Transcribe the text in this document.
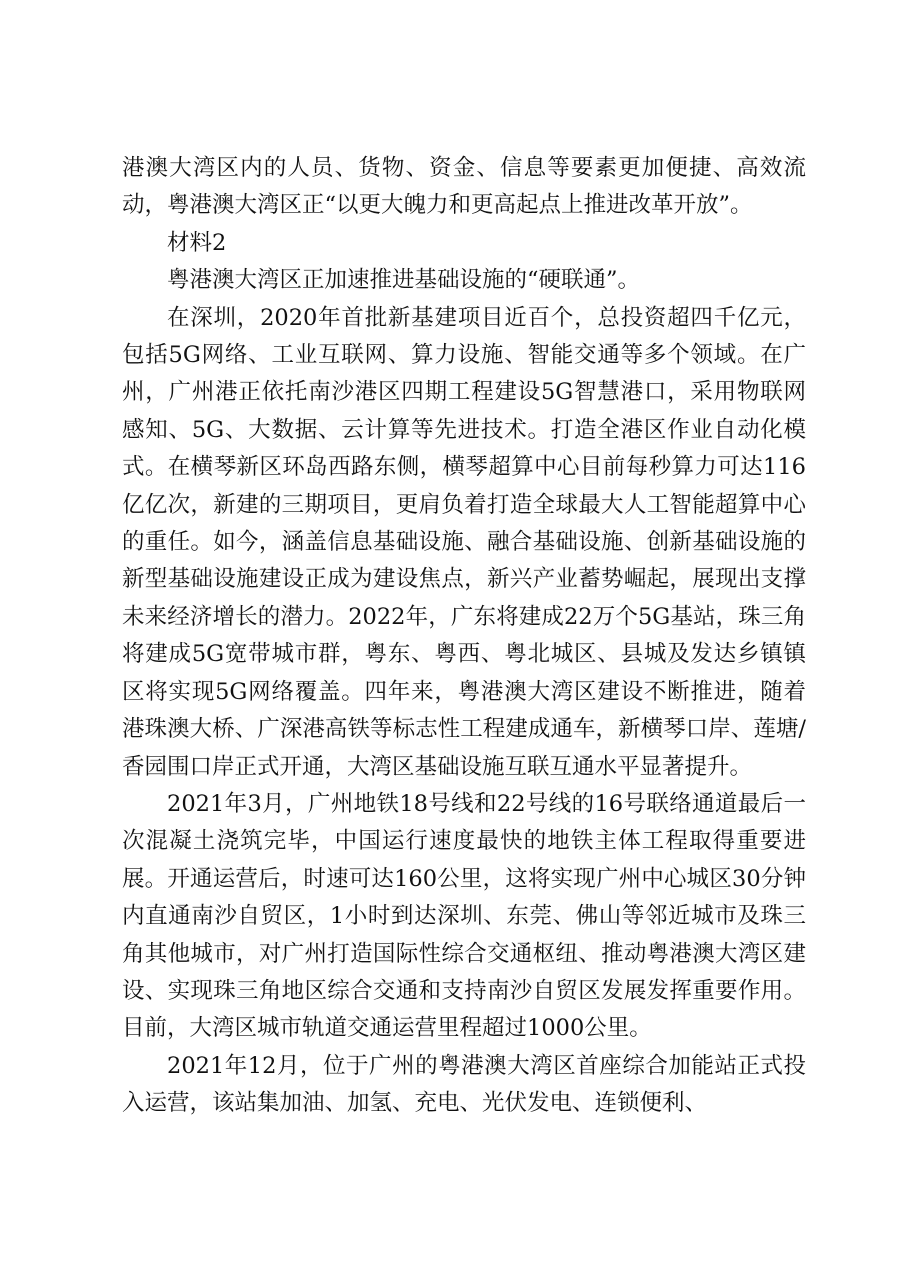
港澳大湾区内的人员、货物、资金、信息等要素更加便捷、高效流动，粤港澳大湾区正“以更大魄力和更高起点上推进改革开放”。

材料2

粤港澳大湾区正加速推进基础设施的“硬联通”。

在深圳，2020年首批新基建项目近百个，总投资超四千亿元，包括5G网络、工业互联网、算力设施、智能交通等多个领域。在广州，广州港正依托南沙港区四期工程建设5G智慧港口，采用物联网感知、5G、大数据、云计算等先进技术。打造全港区作业自动化模式。在横琴新区环岛西路东侧，横琴超算中心目前每秒算力可达116亿亿次，新建的三期项目，更肩负着打造全球最大人工智能超算中心的重任。如今，涵盖信息基础设施、融合基础设施、创新基础设施的新型基础设施建设正成为建设焦点，新兴产业蓄势崛起，展现出支撑未来经济增长的潜力。2022年，广东将建成22万个5G基站，珠三角将建成5G宽带城市群，粤东、粤西、粤北城区、县城及发达乡镇镇区将实现5G网络覆盖。四年来，粤港澳大湾区建设不断推进，随着港珠澳大桥、广深港高铁等标志性工程建成通车，新横琴口岸、莲塘/香园围口岸正式开通，大湾区基础设施互联互通水平显著提升。

2021年3月，广州地铁18号线和22号线的16号联络通道最后一次混凝土浇筑完毕，中国运行速度最快的地铁主体工程取得重要进展。开通运营后，时速可达160公里，这将实现广州中心城区30分钟内直通南沙自贸区，1小时到达深圳、东莞、佛山等邻近城市及珠三角其他城市，对广州打造国际性综合交通枢纽、推动粤港澳大湾区建设、实现珠三角地区综合交通和支持南沙自贸区发展发挥重要作用。目前，大湾区城市轨道交通运营里程超过1000公里。

2021年12月，位于广州的粤港澳大湾区首座综合加能站正式投入运营，该站集加油、加氢、充电、光伏发电、连锁便利、
